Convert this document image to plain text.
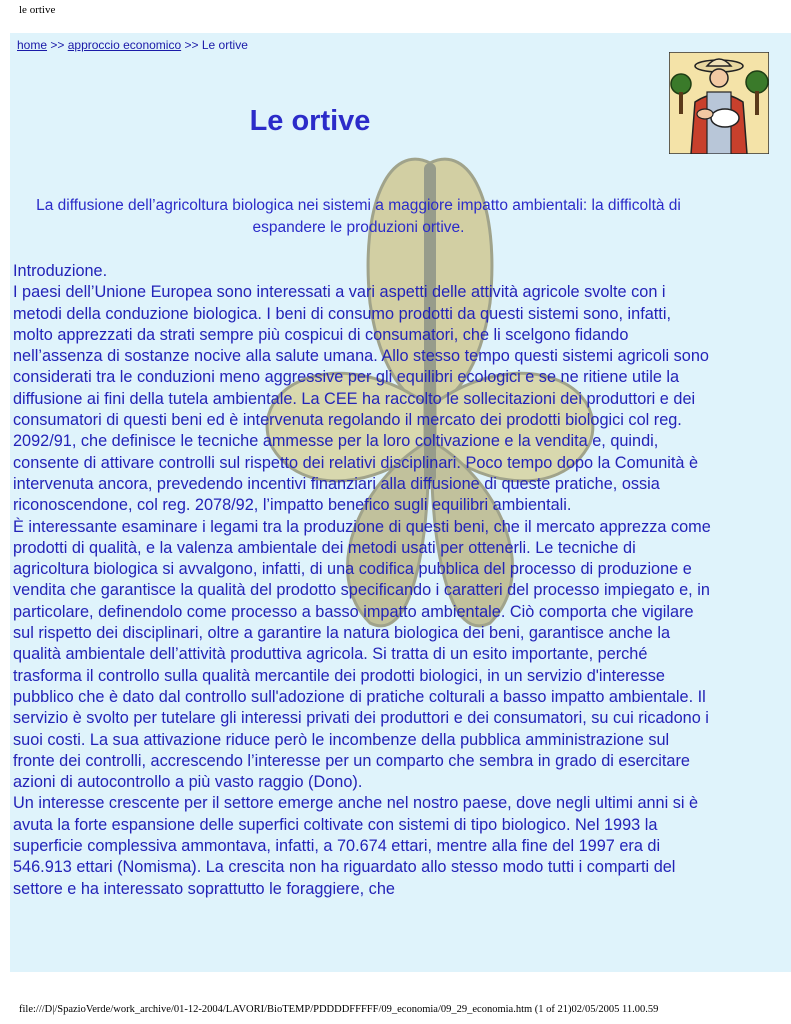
le ortive
home >> approccio economico >> Le ortive
Le ortive

La diffusione dell’agricoltura biologica nei sistemi a maggiore impatto ambientali: la difficoltà di espandere le produzioni ortive.

Introduzione.

I paesi dell’Unione Europea sono interessati a vari aspetti delle attività agricole svolte con i metodi della conduzione biologica. I beni di consumo prodotti da questi sistemi sono, infatti, molto apprezzati da strati sempre più cospicui di consumatori, che li scelgono fidando nell’assenza di sostanze nocive alla salute umana. Allo stesso tempo questi sistemi agricoli sono considerati tra le conduzioni meno aggressive per gli equilibri ecologici e se ne ritiene utile la diffusione ai fini della tutela ambientale. La CEE ha raccolto le sollecitazioni dei produttori e dei consumatori di questi beni ed è intervenuta regolando il mercato dei prodotti biologici col reg. 2092/91, che definisce le tecniche ammesse per la loro coltivazione e la vendita e, quindi, consente di attivare controlli sul rispetto dei relativi disciplinari. Poco tempo dopo la Comunità è intervenuta ancora, prevedendo incentivi finanziari alla diffusione di queste pratiche, ossia riconoscendone, col reg. 2078/92, l’impatto benefico sugli equilibri ambientali.

È interessante esaminare i legami tra la produzione di questi beni, che il mercato apprezza come prodotti di qualità, e la valenza ambientale dei metodi usati per ottenerli. Le tecniche di agricoltura biologica si avvalgono, infatti, di una codifica pubblica del processo di produzione e vendita che garantisce la qualità del prodotto specificando i caratteri del processo impiegato e, in particolare, definendolo come processo a basso impatto ambientale. Ciò comporta che vigilare sul rispetto dei disciplinari, oltre a garantire la natura biologica dei beni, garantisce anche la qualità ambientale dell’attività produttiva agricola. Si tratta di un esito importante, perché trasforma il controllo sulla qualità mercantile dei prodotti biologici, in un servizio d'interesse pubblico che è dato dal controllo sull'adozione di pratiche colturali a basso impatto ambientale. Il servizio è svolto per tutelare gli interessi privati dei produttori e dei consumatori, su cui ricadono i suoi costi. La sua attivazione riduce però le incombenze della pubblica amministrazione sul fronte dei controlli, accrescendo l’interesse per un comparto che sembra in grado di esercitare azioni di autocontrollo a più vasto raggio (Dono).

Un interesse crescente per il settore emerge anche nel nostro paese, dove negli ultimi anni si è avuta la forte espansione delle superfici coltivate con sistemi di tipo biologico. Nel 1993 la superficie complessiva ammontava, infatti, a 70.674 ettari, mentre alla fine del 1997 era di 546.913 ettari (Nomisma). La crescita non ha riguardato allo stesso modo tutti i comparti del settore e ha interessato soprattutto le foraggiere, che

file:///D|/SpazioVerde/work_archive/01-12-2004/LAVORI/BioTEMP/PDDDDFFFFF/09_economia/09_29_economia.htm (1 of 21)02/05/2005 11.00.59
